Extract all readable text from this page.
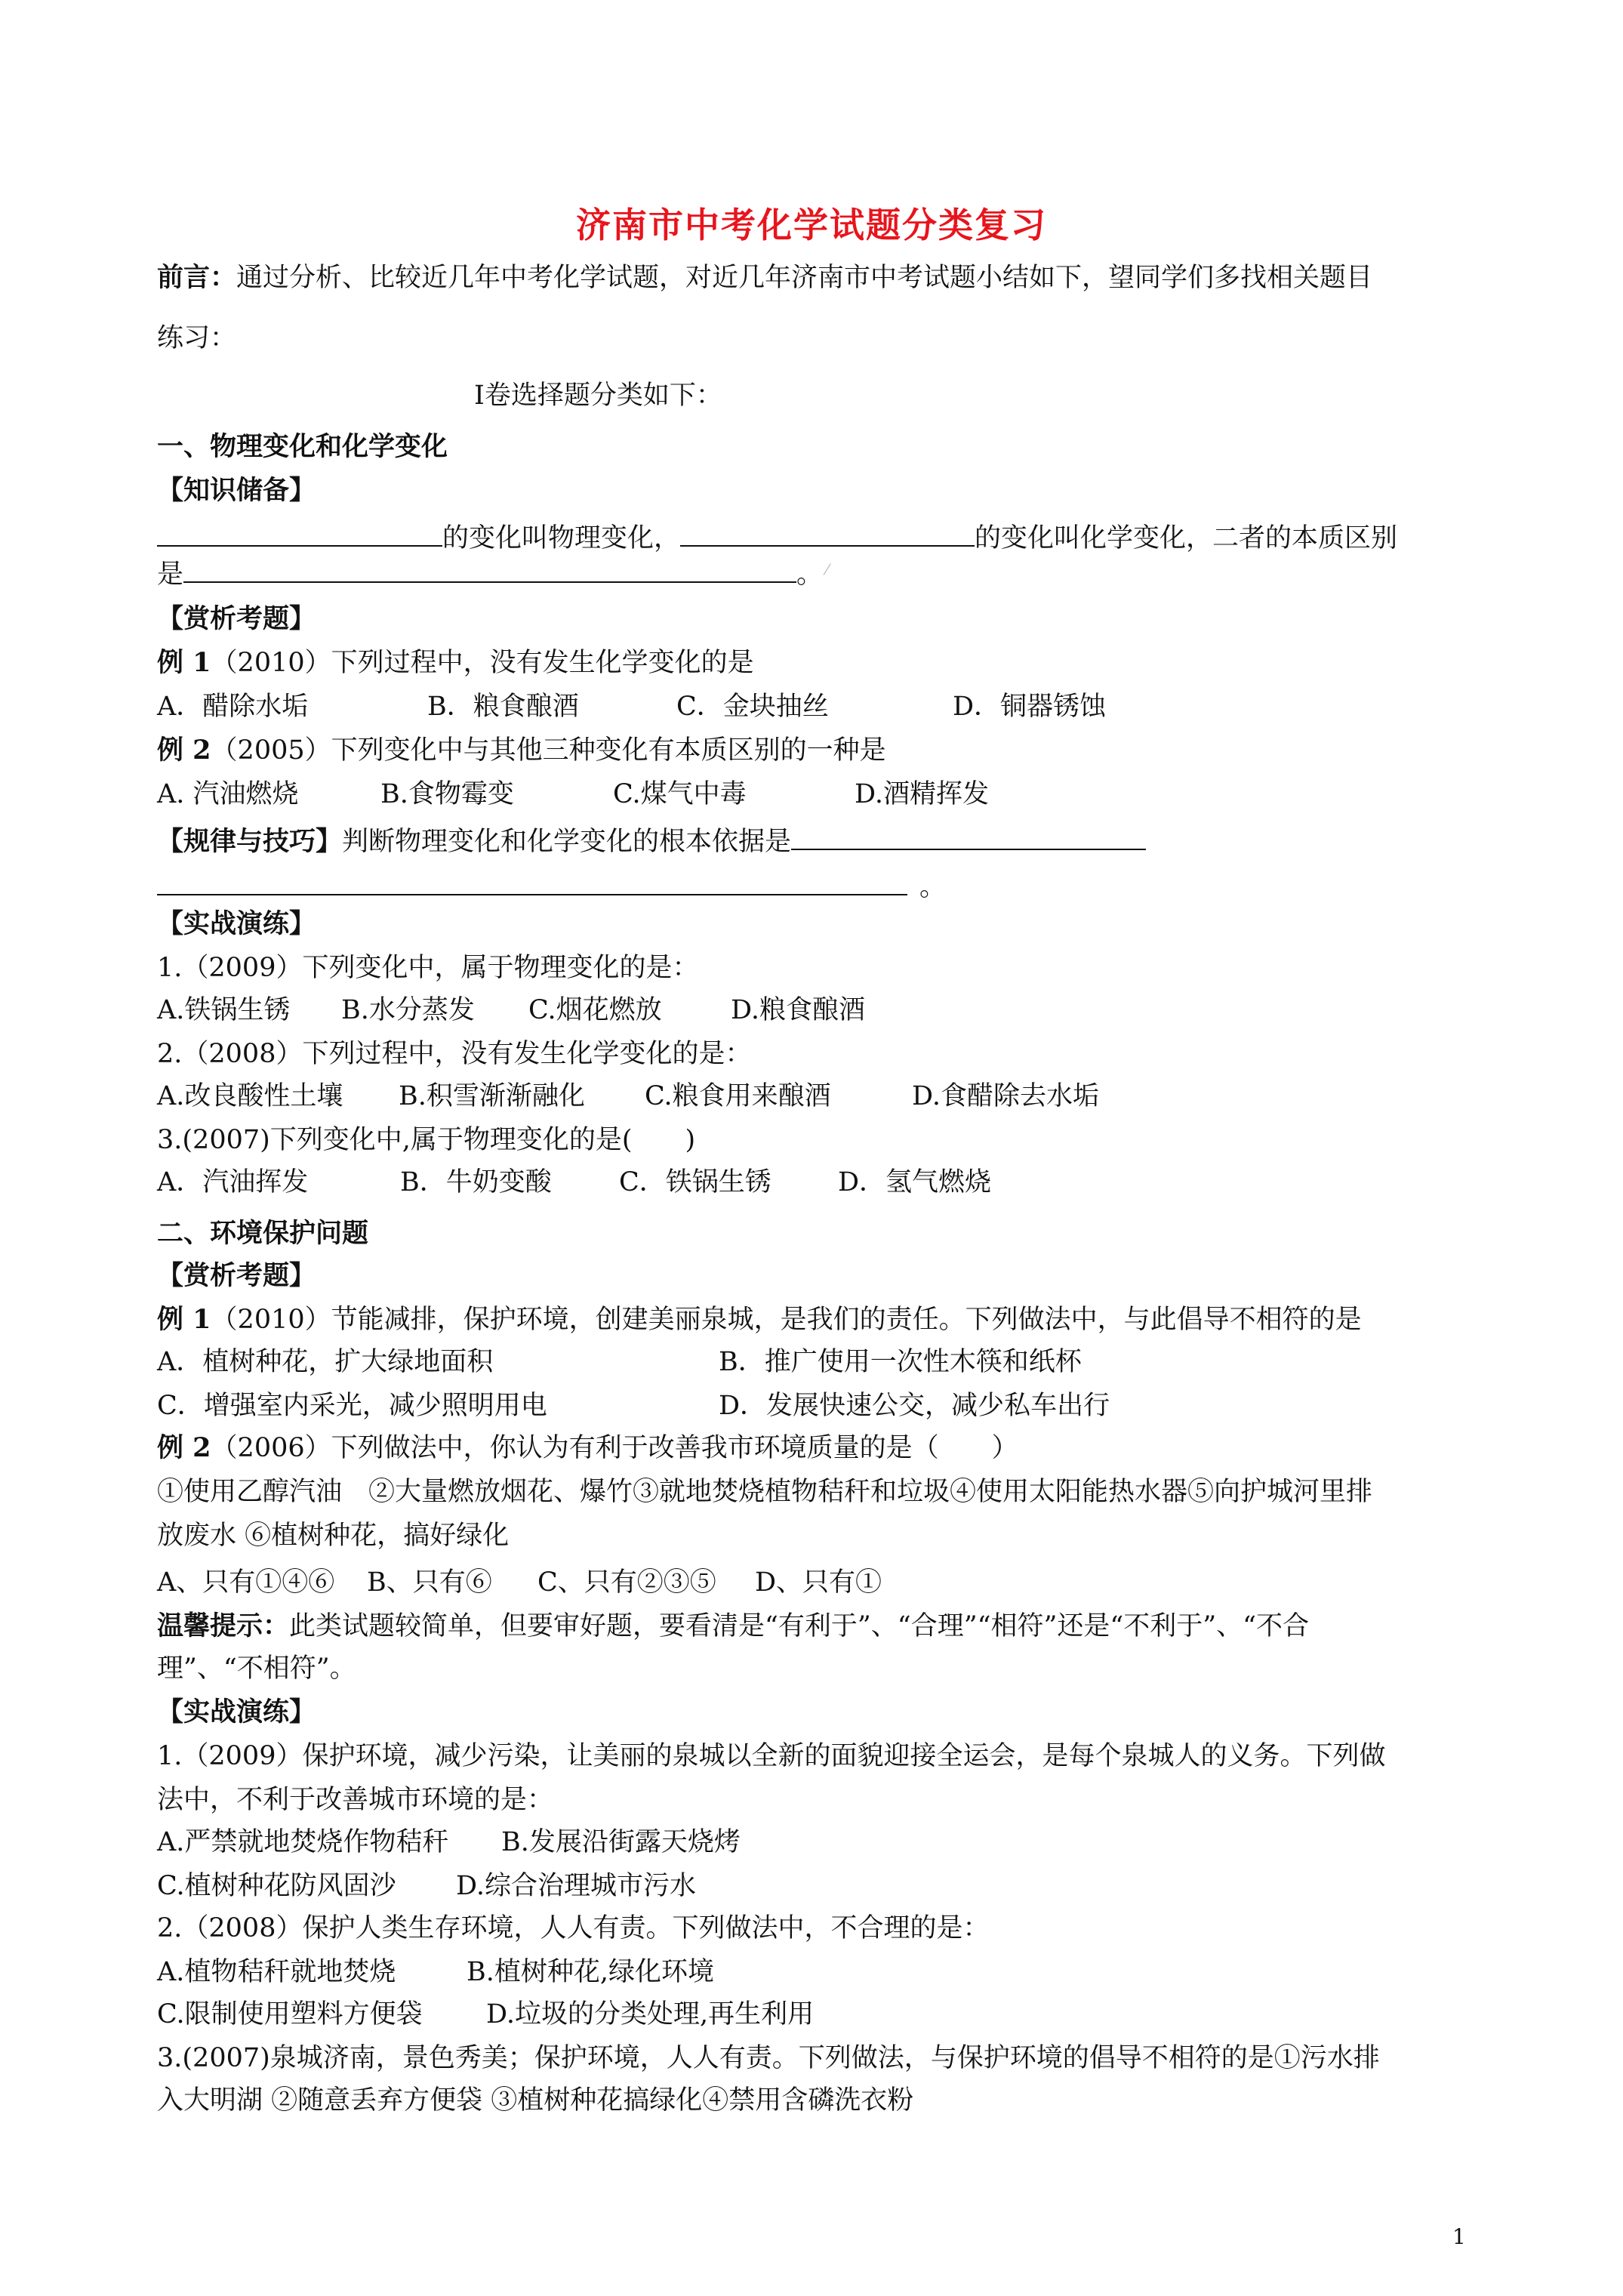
济南市中考化学试题分类复习
前言：通过分析、比较近几年中考化学试题，对近几年济南市中考试题小结如下，望同学们多找相关题目
练习：
Ⅰ卷选择题分类如下：
一、物理变化和化学变化
【知识储备】
的变化叫物理变化，	的变化叫化学变化，二者的本质区别
是	。 ⁄
【赏析考题】
例 1（2010）下列过程中，没有发生化学变化的是
A．醋除水垢	B．粮食酿酒	C．金块抽丝	D．铜器锈蚀
例 2（2005）下列变化中与其他三种变化有本质区别的一种是
A. 汽油燃烧	B.食物霉变	C.煤气中毒	D.酒精挥发
【规律与技巧】判断物理变化和化学变化的根本依据是
。
【实战演练】
1.（2009）下列变化中，属于物理变化的是：
A.铁锅生锈 B.水分蒸发 C.烟花燃放	D.粮食酿酒
2.（2008）下列过程中，没有发生化学变化的是：
A.改良酸性土壤 B.积雪渐渐融化 C.粮食用来酿酒	D.食醋除去水垢
3.(2007)下列变化中,属于物理变化的是(　　)
A．汽油挥发	B．牛奶变酸	C．铁锅生锈	D．氢气燃烧
二、环境保护问题
【赏析考题】
例 1（2010）节能减排，保护环境，创建美丽泉城，是我们的责任。下列做法中，与此倡导不相符的是
A．植树种花，扩大绿地面积	B．推广使用一次性木筷和纸杯
C．增强室内采光，减少照明用电	D．发展快速公交，减少私车出行
例 2（2006）下列做法中，你认为有利于改善我市环境质量的是（　　）
①使用乙醇汽油　②大量燃放烟花、爆竹③就地焚烧植物秸秆和垃圾④使用太阳能热水器⑤向护城河里排
放废水 ⑥植树种花，搞好绿化
A、只有①④⑥ B、只有⑥ C、只有②③⑤ D、只有①
温馨提示：此类试题较简单，但要审好题，要看清是“有利于”、“合理”“相符”还是“不利于”、“不合
理”、“不相符”。
【实战演练】
1.（2009）保护环境，减少污染，让美丽的泉城以全新的面貌迎接全运会，是每个泉城人的义务。下列做
法中，不利于改善城市环境的是：
A.严禁就地焚烧作物秸秆 B.发展沿街露天烧烤
C.植树种花防风固沙 D.综合治理城市污水
2.（2008）保护人类生存环境，人人有责。下列做法中，不合理的是：
A.植物秸秆就地焚烧	B.植树种花,绿化环境
C.限制使用塑料方便袋 D.垃圾的分类处理,再生利用
3.(2007)泉城济南，景色秀美；保护环境，人人有责。下列做法，与保护环境的倡导不相符的是①污水排
入大明湖 ②随意丢弃方便袋 ③植树种花搞绿化④禁用含磷洗衣粉
1
